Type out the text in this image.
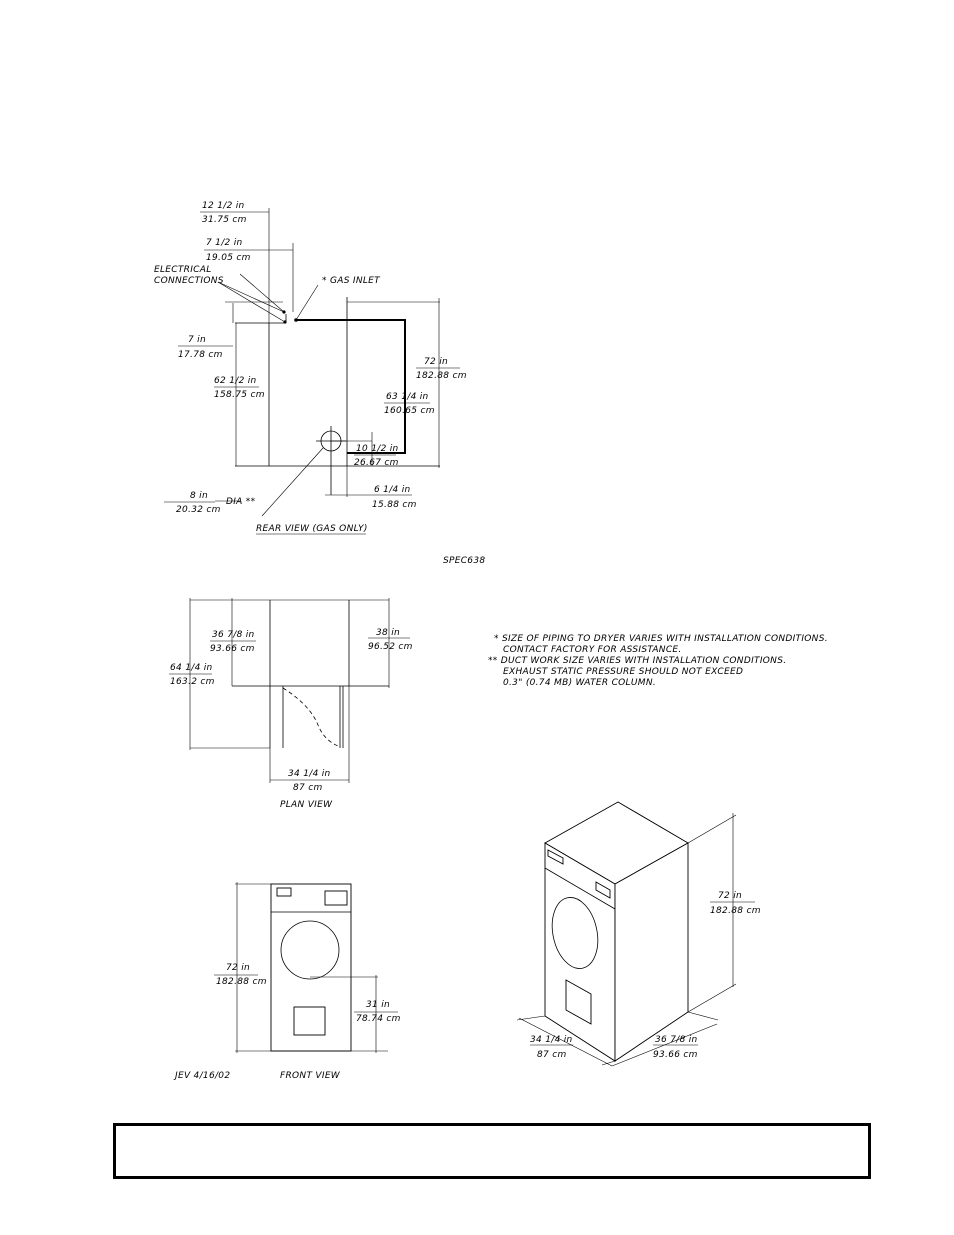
12 1/2 in
31.75 cm
7 1/2 in
19.05 cm
ELECTRICAL
CONNECTIONS	* GAS INLET
7 in
17.78 cm
72 in
182.88 cm
62 1/2 in
158.75 cm	63 1/4 in
160.65 cm
10 1/2 in
26.67 cm
8 in
20.32 cm
DIA **
6 1/4 in
15.88 cm
REAR VIEW (GAS ONLY)
SPEC638
36 7/8 in
93.66 cm
38 in
96.52 cm
64 1/4 in
163.2 cm
34 1/4 in
87 cm
PLAN VIEW
* SIZE OF PIPING TO DRYER VARIES WITH INSTALLATION CONDITIONS.
CONTACT FACTORY FOR ASSISTANCE.
** DUCT WORK SIZE VARIES WITH INSTALLATION CONDITIONS.
EXHAUST STATIC PRESSURE SHOULD NOT EXCEED
0.3" (0.74 MB) WATER COLUMN.
72 in
182.88 cm
31 in
78.74 cm
JEV 4/16/02	FRONT VIEW
72 in
182.88 cm
34 1/4 in
87 cm
36 7/8 in
93.66 cm
